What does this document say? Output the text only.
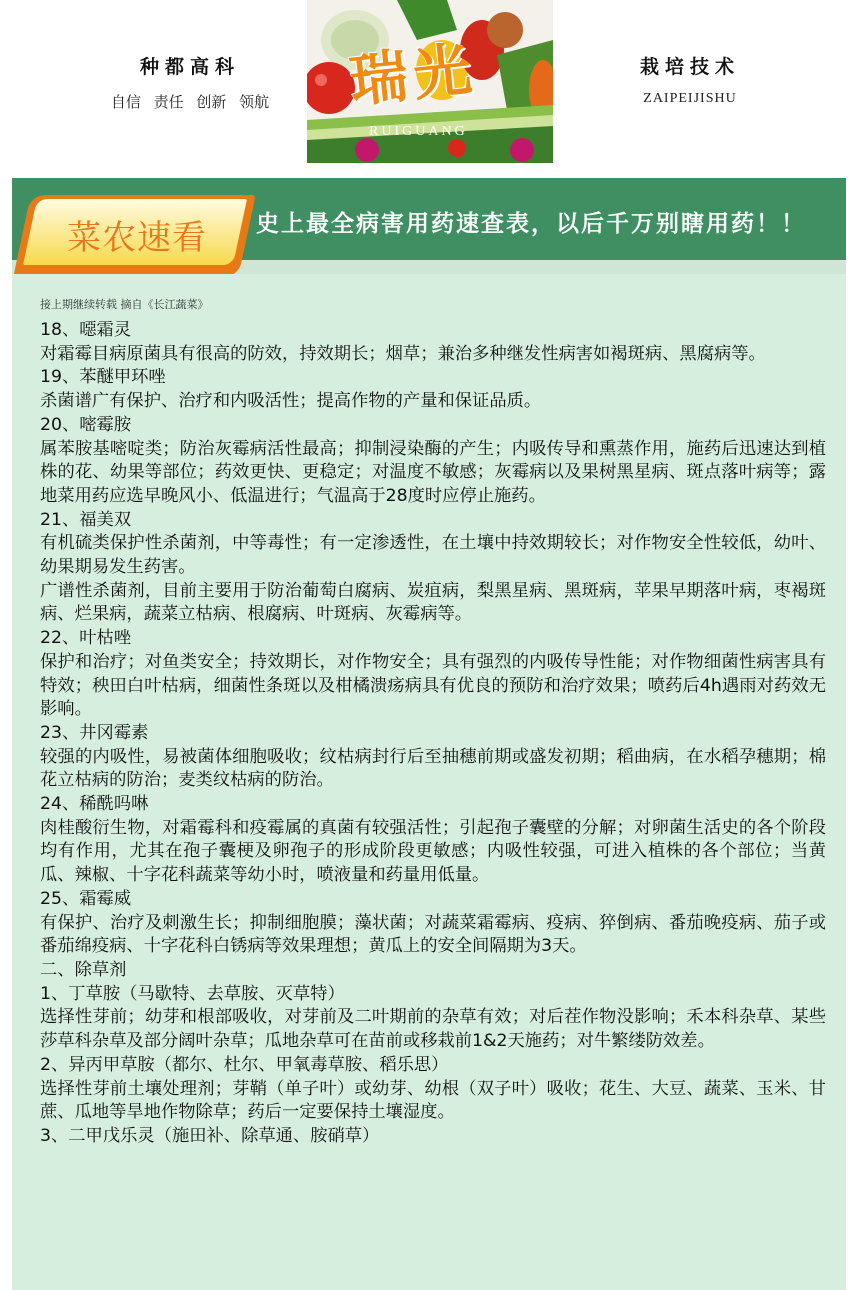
种都高科
自信 责任 创新 领航	瑞光
RUIGUANG
栽培技术
ZAIPEIJISHU
菜农速看	史上最全病害用药速查表，以后千万别瞎用药！！
接上期继续转载 摘自《长江蔬菜》

18、噁霜灵

对霜霉目病原菌具有很高的防效，持效期长；烟草；兼治多种继发性病害如褐斑病、黑腐病等。

19、苯醚甲环唑

杀菌谱广有保护、治疗和内吸活性；提高作物的产量和保证品质。

20、嘧霉胺

属苯胺基嘧啶类；防治灰霉病活性最高；抑制浸染酶的产生；内吸传导和熏蒸作用，施药后迅速达到植株的花、幼果等部位；药效更快、更稳定；对温度不敏感；灰霉病以及果树黑星病、斑点落叶病等；露地菜用药应选早晚风小、低温进行；气温高于28度时应停止施药。

21、福美双

有机硫类保护性杀菌剂，中等毒性；有一定渗透性，在土壤中持效期较长；对作物安全性较低，幼叶、幼果期易发生药害。

广谱性杀菌剂，目前主要用于防治葡萄白腐病、炭疽病，梨黑星病、黑斑病，苹果早期落叶病，枣褐斑病、烂果病，蔬菜立枯病、根腐病、叶斑病、灰霉病等。

22、叶枯唑

保护和治疗；对鱼类安全；持效期长，对作物安全；具有强烈的内吸传导性能；对作物细菌性病害具有特效；秧田白叶枯病，细菌性条斑以及柑橘溃疡病具有优良的预防和治疗效果；喷药后4h遇雨对药效无影响。

23、井冈霉素

较强的内吸性，易被菌体细胞吸收；纹枯病封行后至抽穗前期或盛发初期；稻曲病，在水稻孕穗期；棉花立枯病的防治；麦类纹枯病的防治。

24、稀酰吗啉

肉桂酸衍生物，对霜霉科和疫霉属的真菌有较强活性；引起孢子囊壁的分解；对卵菌生活史的各个阶段均有作用，尤其在孢子囊梗及卵孢子的形成阶段更敏感；内吸性较强，可进入植株的各个部位；当黄瓜、辣椒、十字花科蔬菜等幼小时，喷液量和药量用低量。

25、霜霉威

有保护、治疗及刺激生长；抑制细胞膜；藻状菌；对蔬菜霜霉病、疫病、猝倒病、番茄晚疫病、茄子或番茄绵疫病、十字花科白锈病等效果理想；黄瓜上的安全间隔期为3天。

二、除草剂

1、丁草胺（马歇特、去草胺、灭草特）

选择性芽前；幼芽和根部吸收，对芽前及二叶期前的杂草有效；对后茬作物没影响；禾本科杂草、某些莎草科杂草及部分阔叶杂草；瓜地杂草可在苗前或移栽前1&2天施药；对牛繁缕防效差。

2、异丙甲草胺（都尔、杜尔、甲氧毒草胺、稻乐思）

选择性芽前土壤处理剂；芽鞘（单子叶）或幼芽、幼根（双子叶）吸收；花生、大豆、蔬菜、玉米、甘蔗、瓜地等旱地作物除草；药后一定要保持土壤湿度。

3、二甲戊乐灵（施田补、除草通、胺硝草）
